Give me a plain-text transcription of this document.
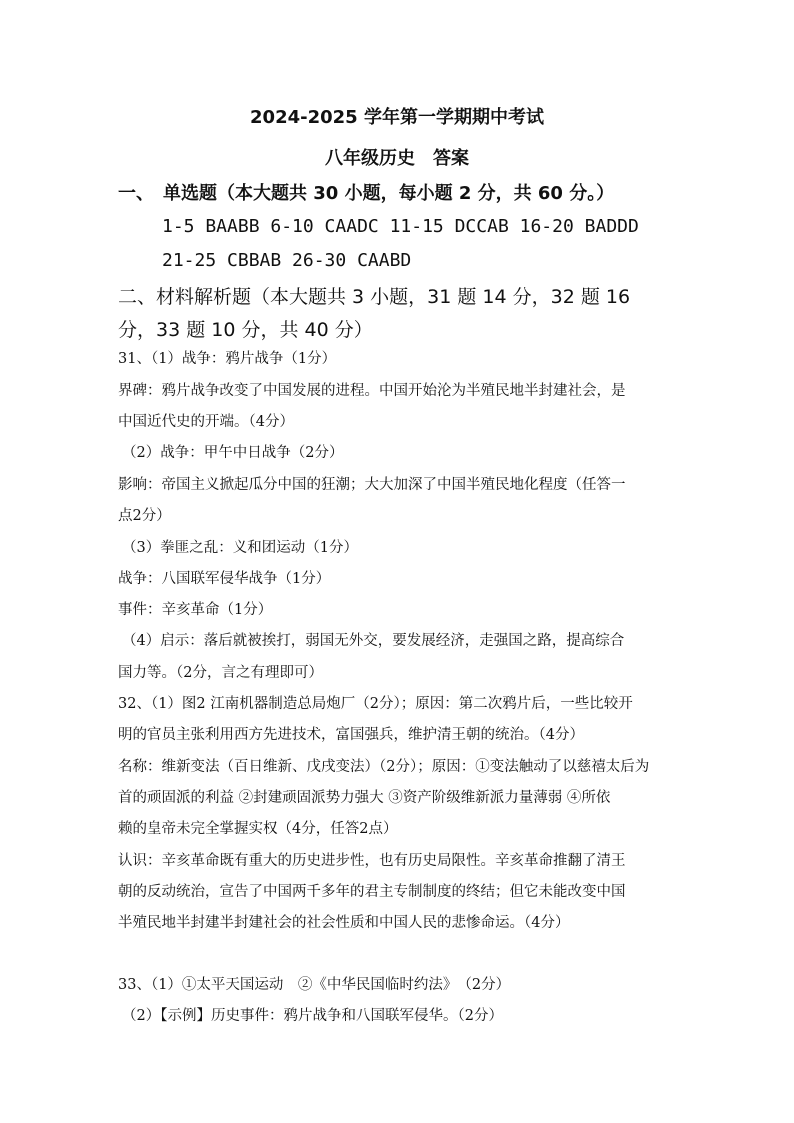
2024-2025 学年第一学期期中考试
八年级历史　答案
一、　单选题（本大题共 30 小题，每小题 2 分，共 60 分。）
1-5 BAABB 6-10 CAADC 11-15 DCCAB 16-20 BADDD
21-25 CBBAB 26-30 CAABD
二、材料解析题（本大题共 3 小题，31 题 14 分，32 题 16
分，33 题 10 分，共 40 分）
31、（1）战争：鸦片战争（1分）
界碑：鸦片战争改变了中国发展的进程。中国开始沦为半殖民地半封建社会，是
中国近代史的开端。（4分）
（2）战争：甲午中日战争（2分）
影响：帝国主义掀起瓜分中国的狂潮；大大加深了中国半殖民地化程度（任答一
点2分）
（3）拳匪之乱：义和团运动（1分）
战争：八国联军侵华战争（1分）
事件：辛亥革命（1分）
（4）启示：落后就被挨打，弱国无外交，要发展经济，走强国之路，提高综合
国力等。（2分，言之有理即可）
32、（1）图2 江南机器制造总局炮厂（2分）；原因：第二次鸦片后，一些比较开
明的官员主张利用西方先进技术，富国强兵，维护清王朝的统治。（4分）
名称：维新变法（百日维新、戊戌变法）（2分）；原因：①变法触动了以慈禧太后为
首的顽固派的利益 ②封建顽固派势力强大 ③资产阶级维新派力量薄弱 ④所依
赖的皇帝未完全掌握实权（4分，任答2点）
认识：辛亥革命既有重大的历史进步性，也有历史局限性。辛亥革命推翻了清王
朝的反动统治，宣告了中国两千多年的君主专制制度的终结；但它未能改变中国
半殖民地半封建半封建社会的社会性质和中国人民的悲惨命运。（4分）
33、（1）①太平天国运动　②《中华民国临时约法》　（2分）
（2）【示例】历史事件：鸦片战争和八国联军侵华。（2分）
